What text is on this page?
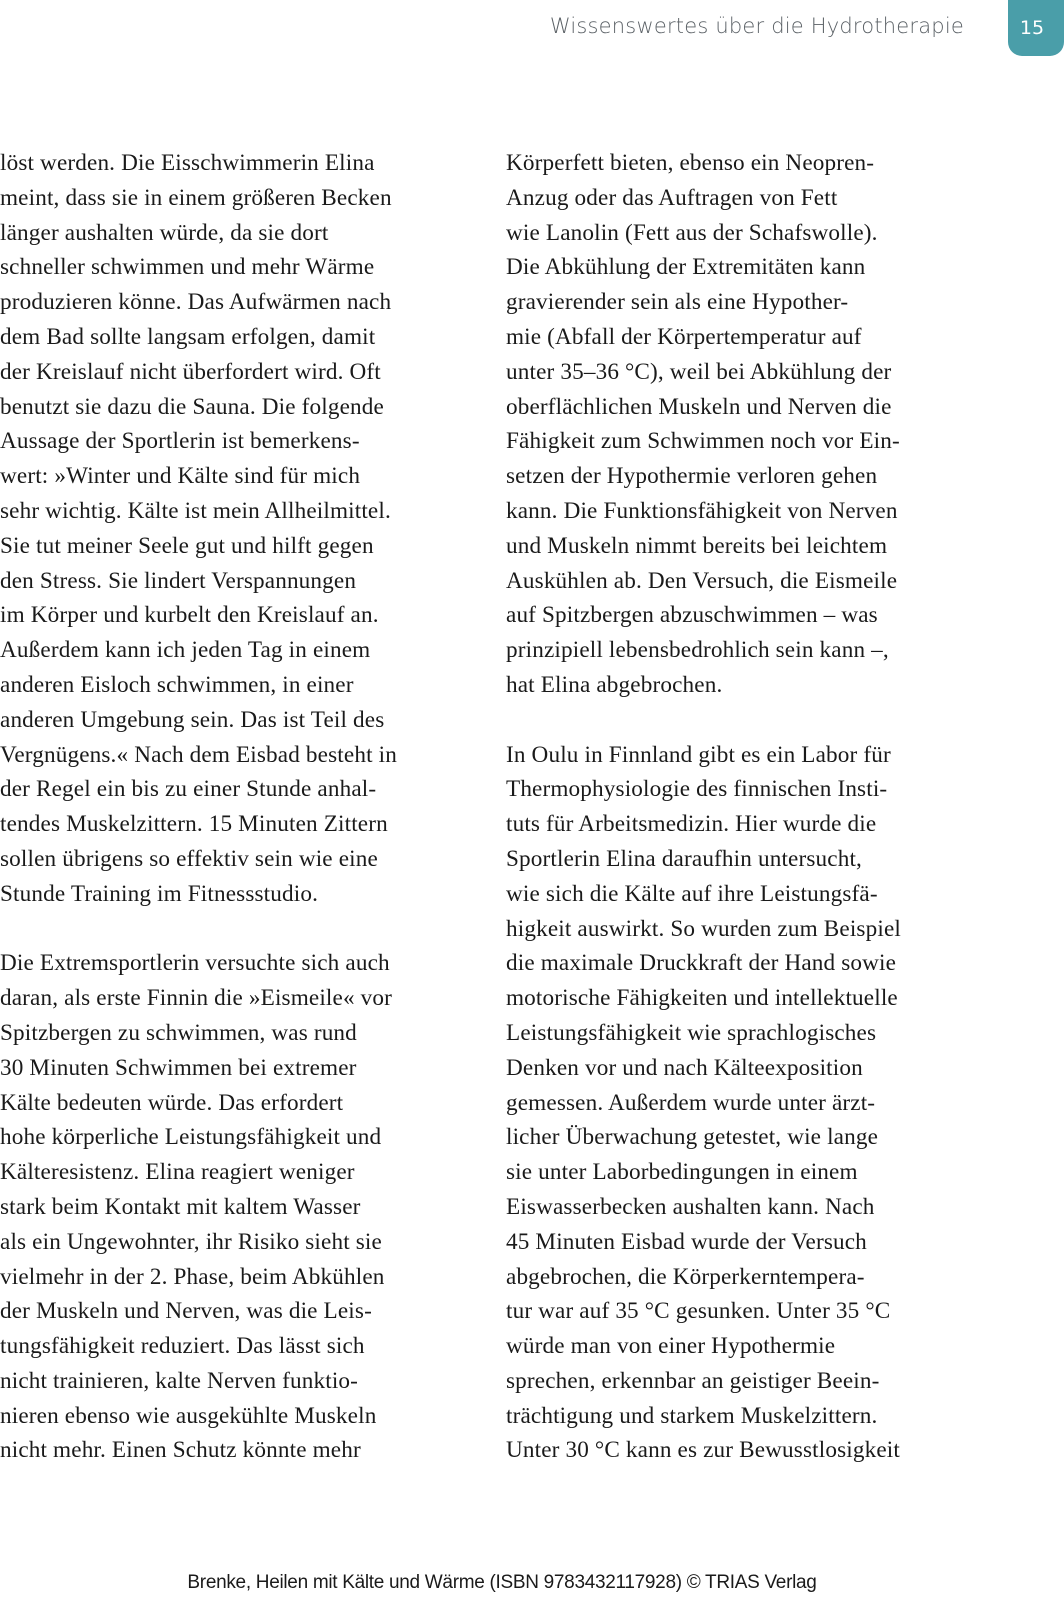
Wissenswertes über die Hydrotherapie	15
löst werden. Die Eisschwimmerin Elina
meint, dass sie in einem größeren Becken
länger aushalten würde, da sie dort
schneller schwimmen und mehr Wärme
produzieren könne. Das Aufwärmen nach
dem Bad sollte langsam erfolgen, damit
der Kreislauf nicht überfordert wird. Oft
benutzt sie dazu die Sauna. Die folgende
Aussage der Sportlerin ist bemerkens-
wert: »Winter und Kälte sind für mich
sehr wichtig. Kälte ist mein Allheilmittel.
Sie tut meiner Seele gut und hilft gegen
den Stress. Sie lindert Verspannungen
im Körper und kurbelt den Kreislauf an.
Außerdem kann ich jeden Tag in einem
anderen Eisloch schwimmen, in einer
anderen Umgebung sein. Das ist Teil des
Vergnügens.« Nach dem Eisbad besteht in
der Regel ein bis zu einer Stunde anhal-
tendes Muskelzittern. 15 Minuten Zittern
sollen übrigens so effektiv sein wie eine
Stunde Training im Fitnessstudio.
Die Extremsportlerin versuchte sich auch
daran, als erste Finnin die »Eismeile« vor
Spitzbergen zu schwimmen, was rund
30 Minuten Schwimmen bei extremer
Kälte bedeuten würde. Das erfordert
hohe körperliche Leistungsfähigkeit und
Kälteresistenz. Elina reagiert weniger
stark beim Kontakt mit kaltem Wasser
als ein Ungewohnter, ihr Risiko sieht sie
vielmehr in der 2. Phase, beim Abkühlen
der Muskeln und Nerven, was die Leis-
tungsfähigkeit reduziert. Das lässt sich
nicht trainieren, kalte Nerven funktio-
nieren ebenso wie ausgekühlte Muskeln
nicht mehr. Einen Schutz könnte mehr
Körperfett bieten, ebenso ein Neopren-
Anzug oder das Auftragen von Fett
wie Lanolin (Fett aus der Schafswolle).
Die Abkühlung der Extremitäten kann
gravierender sein als eine Hypother-
mie (Abfall der Körpertemperatur auf
unter 35–36 °C), weil bei Abkühlung der
oberflächlichen Muskeln und Nerven die
Fähigkeit zum Schwimmen noch vor Ein-
setzen der Hypothermie verloren gehen
kann. Die Funktionsfähigkeit von Nerven
und Muskeln nimmt bereits bei leichtem
Auskühlen ab. Den Versuch, die Eismeile
auf Spitzbergen abzuschwimmen – was
prinzipiell lebensbedrohlich sein kann –,
hat Elina abgebrochen.
In Oulu in Finnland gibt es ein Labor für
Thermophysiologie des finnischen Insti-
tuts für Arbeitsmedizin. Hier wurde die
Sportlerin Elina daraufhin untersucht,
wie sich die Kälte auf ihre Leistungsfä-
higkeit auswirkt. So wurden zum Beispiel
die maximale Druckkraft der Hand sowie
motorische Fähigkeiten und intellektuelle
Leistungsfähigkeit wie sprachlogisches
Denken vor und nach Kälteexposition
gemessen. Außerdem wurde unter ärzt-
licher Überwachung getestet, wie lange
sie unter Laborbedingungen in einem
Eiswasserbecken aushalten kann. Nach
45 Minuten Eisbad wurde der Versuch
abgebrochen, die Körperkerntempera-
tur war auf 35 °C gesunken. Unter 35 °C
würde man von einer Hypothermie
sprechen, erkennbar an geistiger Beein-
trächtigung und starkem Muskelzittern.
Unter 30 °C kann es zur Bewusstlosigkeit
Brenke, Heilen mit Kälte und Wärme (ISBN 9783432117928) © TRIAS Verlag
